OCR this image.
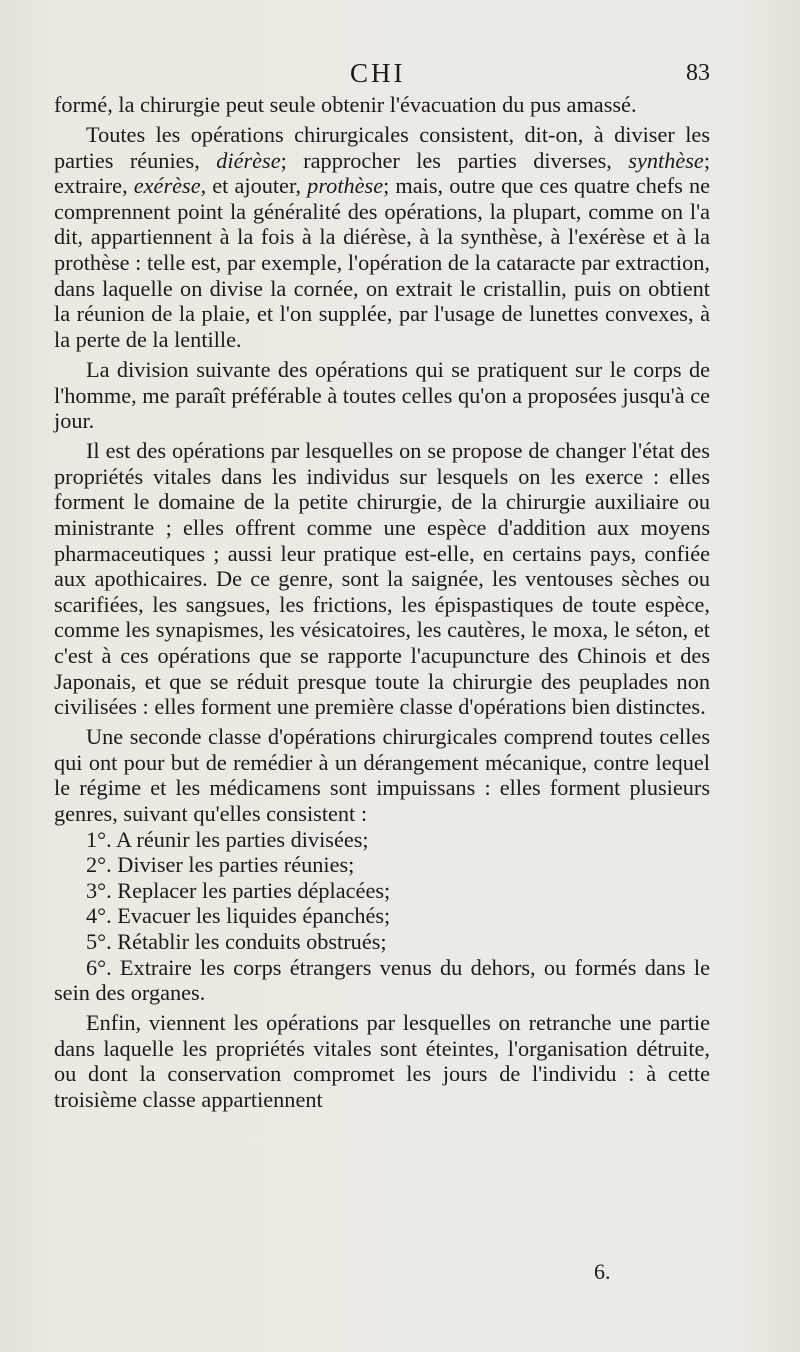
CHI	83

formé, la chirurgie peut seule obtenir l'évacuation du pus amassé.

Toutes les opérations chirurgicales consistent, dit-on, à diviser les parties réunies, diérèse; rapprocher les parties diverses, synthèse; extraire, exérèse, et ajouter, prothèse; mais, outre que ces quatre chefs ne comprennent point la généralité des opérations, la plupart, comme on l'a dit, appartiennent à la fois à la diérèse, à la synthèse, à l'exérèse et à la prothèse : telle est, par exemple, l'opération de la cataracte par extraction, dans laquelle on divise la cornée, on extrait le cristallin, puis on obtient la réunion de la plaie, et l'on supplée, par l'usage de lunettes convexes, à la perte de la lentille.

La division suivante des opérations qui se pratiquent sur le corps de l'homme, me paraît préférable à toutes celles qu'on a proposées jusqu'à ce jour.

Il est des opérations par lesquelles on se propose de changer l'état des propriétés vitales dans les individus sur lesquels on les exerce : elles forment le domaine de la petite chirurgie, de la chirurgie auxiliaire ou ministrante ; elles offrent comme une espèce d'addition aux moyens pharmaceutiques ; aussi leur pratique est-elle, en certains pays, confiée aux apothicaires. De ce genre, sont la saignée, les ventouses sèches ou scarifiées, les sangsues, les frictions, les épispastiques de toute espèce, comme les synapismes, les vésicatoires, les cautères, le moxa, le séton, et c'est à ces opérations que se rapporte l'acupuncture des Chinois et des Japonais, et que se réduit presque toute la chirurgie des peuplades non civilisées : elles forment une première classe d'opérations bien distinctes.

Une seconde classe d'opérations chirurgicales comprend toutes celles qui ont pour but de remédier à un dérangement mécanique, contre lequel le régime et les médicamens sont impuissans : elles forment plusieurs genres, suivant qu'elles consistent :

1°. A réunir les parties divisées;
2°. Diviser les parties réunies;
3°. Replacer les parties déplacées;
4°. Evacuer les liquides épanchés;
5°. Rétablir les conduits obstrués;
6°. Extraire les corps étrangers venus du dehors, ou formés dans le sein des organes.

Enfin, viennent les opérations par lesquelles on retranche une partie dans laquelle les propriétés vitales sont éteintes, l'organisation détruite, ou dont la conservation compromet les jours de l'individu : à cette troisième classe appartiennent

6.
